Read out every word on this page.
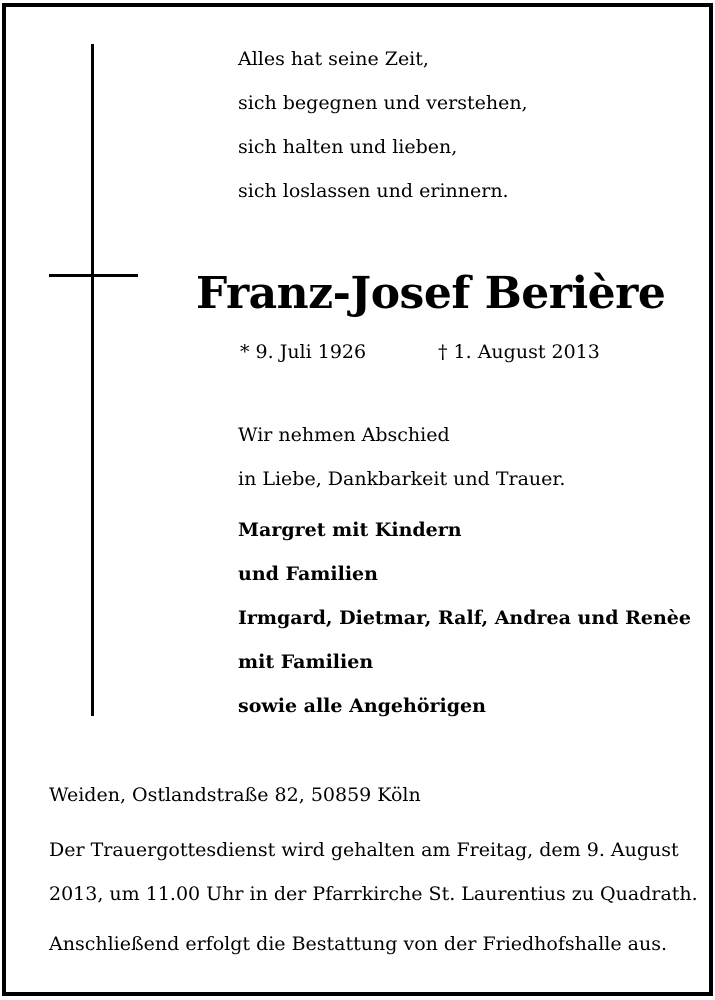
Alles hat seine Zeit,
sich begegnen und verstehen,
sich halten und lieben,
sich loslassen und erinnern.
Franz-Josef Berière
* 9. Juli 1926	† 1. August 2013
Wir nehmen Abschied
in Liebe, Dankbarkeit und Trauer.
Margret mit Kindern
und Familien
Irmgard, Dietmar, Ralf, Andrea und Renèe
mit Familien
sowie alle Angehörigen
Weiden, Ostlandstraße 82, 50859 Köln
Der Trauergottesdienst wird gehalten am Freitag, dem 9. August
2013, um 11.00 Uhr in der Pfarrkirche St. Laurentius zu Quadrath.
Anschließend erfolgt die Bestattung von der Friedhofshalle aus.
